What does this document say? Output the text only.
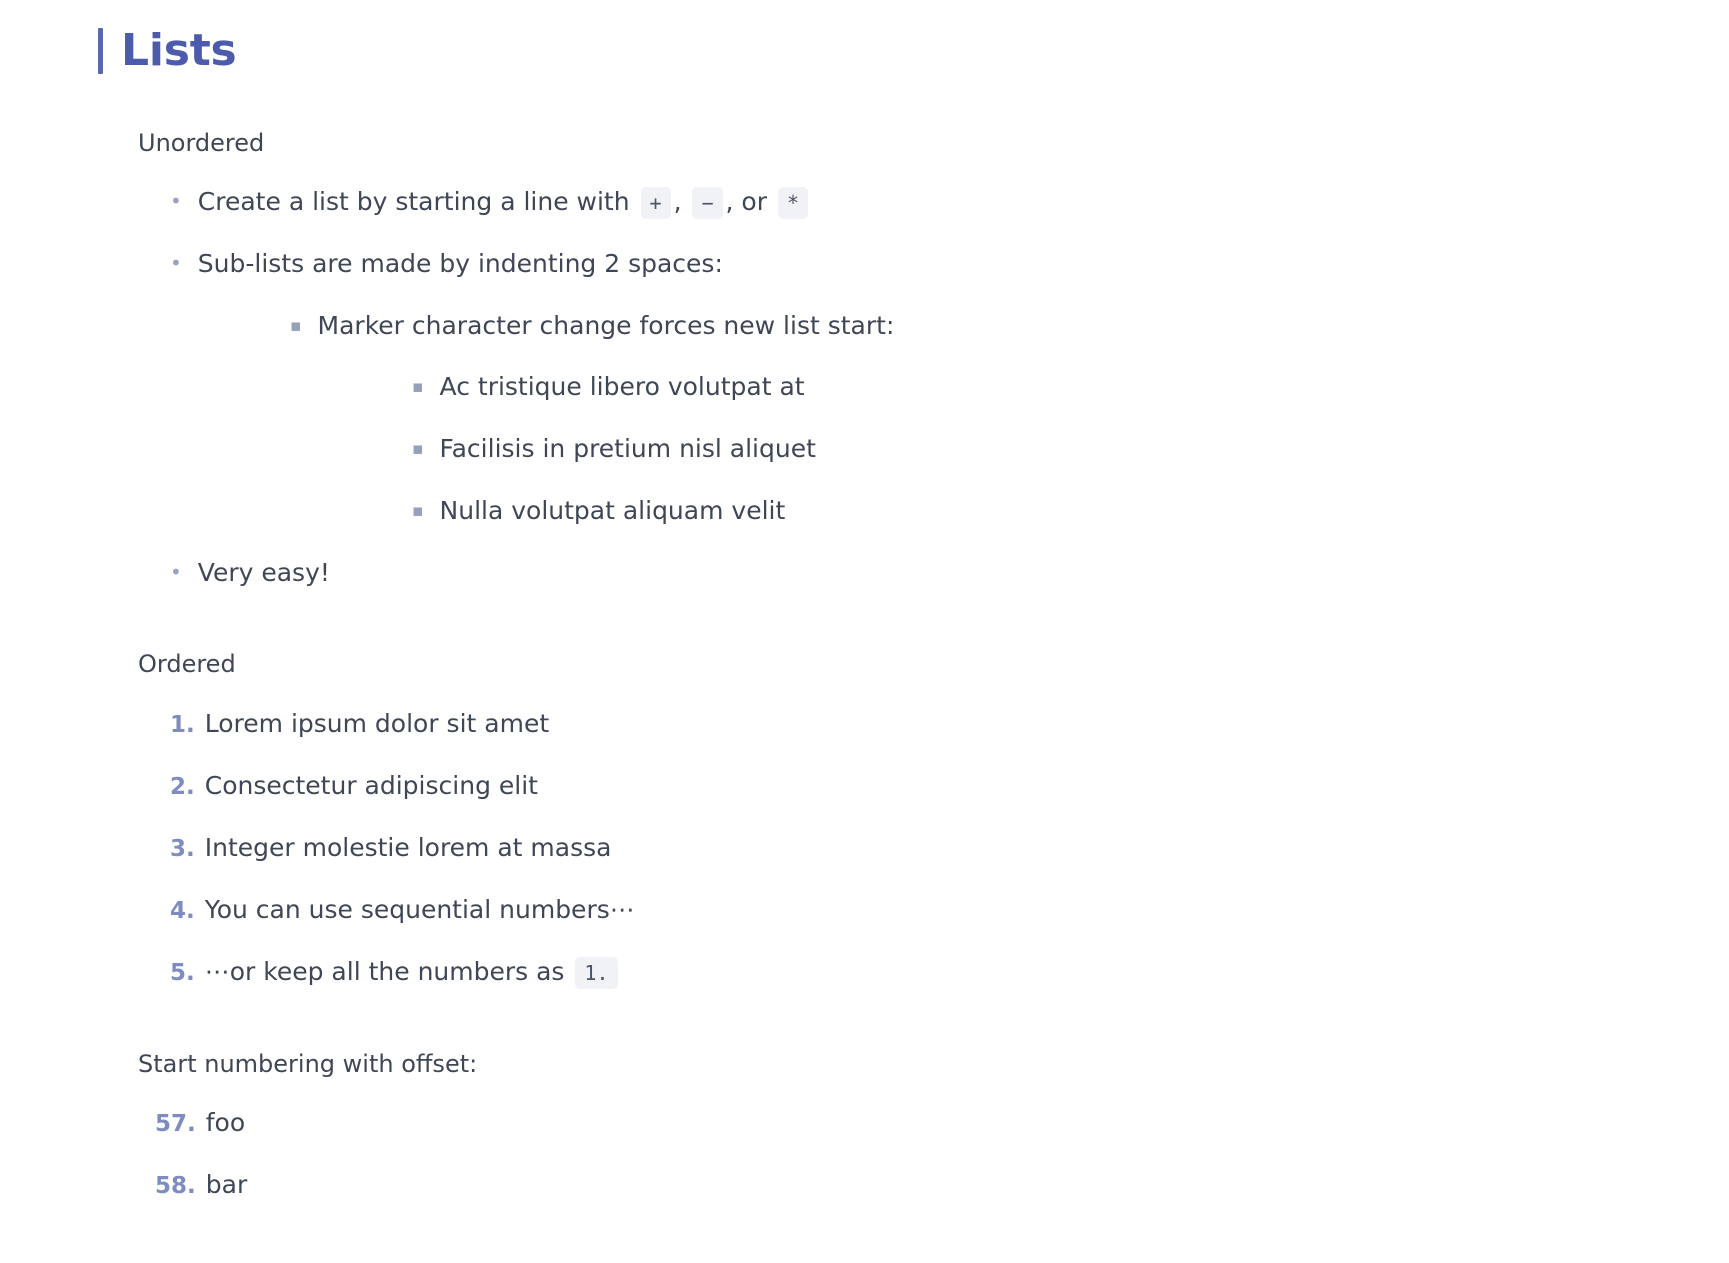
Lists
Unordered
• Create a list by starting a line with + , − , or *
• Sub-lists are made by indenting 2 spaces:
▪ Marker character change forces new list start:
▪ Ac tristique libero volutpat at
▪ Facilisis in pretium nisl aliquet
▪ Nulla volutpat aliquam velit
• Very easy!
Ordered
1. Lorem ipsum dolor sit amet
2. Consectetur adipiscing elit
3. Integer molestie lorem at massa
4. You can use sequential numbers⋯
5. ⋯or keep all the numbers as 1.
Start numbering with offset:
57. foo
58. bar
